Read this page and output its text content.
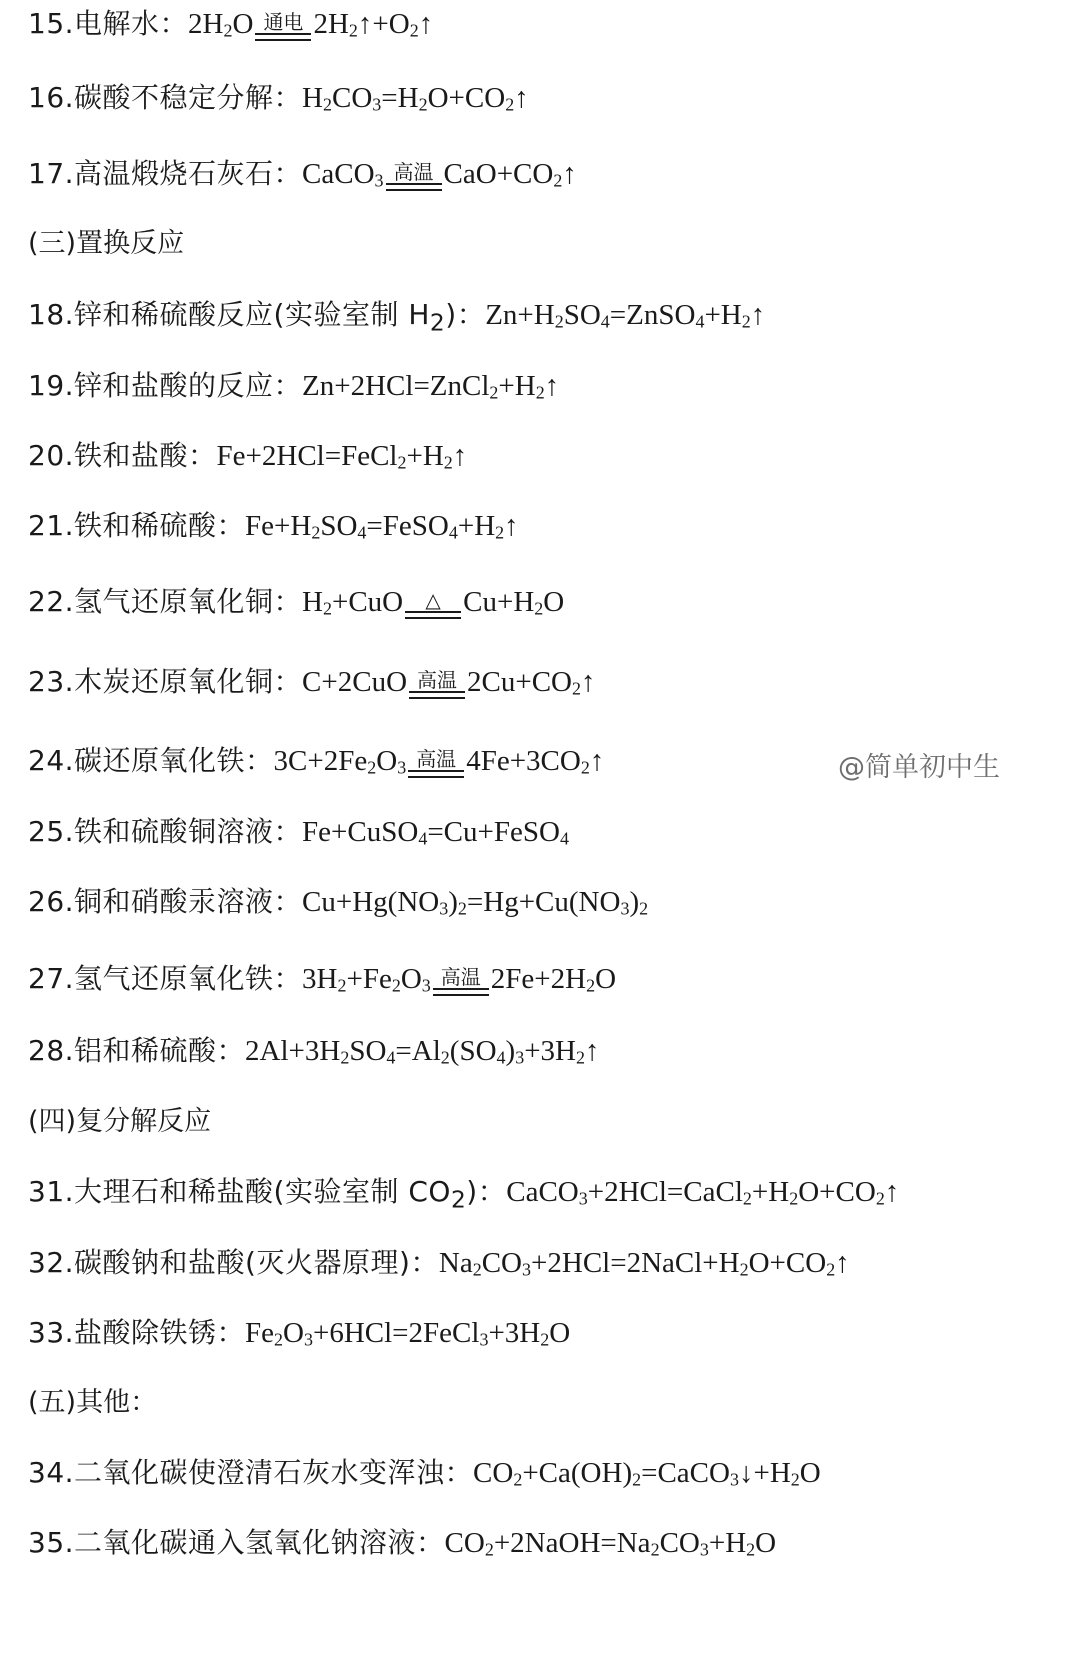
15.电解水： $2H_2O$ 通电 $2H_2↑+O_2↑$
16.碳酸不稳定分解： $H_2CO_3=H_2O+CO_2↑$
17.高温煅烧石灰石： CaCO$_3$ 高温 $CaO+CO_2↑$
(三)置换反应
18.锌和稀硫酸反应(实验室制 $H_2$)： $Zn+H_2SO_4=ZnSO_4+H_2↑$
19.锌和盐酸的反应： $Zn+2HCl=ZnCl_2+H_2↑$
20.铁和盐酸： $Fe+2HCl=FeCl_2+H_2↑$
21.铁和稀硫酸： $Fe+H_2SO_4=FeSO_4+H_2↑$
22.氢气还原氧化铜： $H_2+CuO$ △ $Cu+H_2O$
23.木炭还原氧化铜： C+2CuO 高温 $2Cu+CO_2↑$
24.碳还原氧化铁： $3C+2Fe_2O_3$ 高温 $4Fe+3CO_2↑$
25.铁和硫酸铜溶液： Fe+CuSO$_4$=Cu+FeSO$_4$
26.铜和硝酸汞溶液： $Cu+Hg(NO_3)_2=Hg+Cu(NO_3)_2$
27.氢气还原氧化铁： $3H_2+Fe_2O_3$ 高温 $2Fe+2H_2O$
28.铝和稀硫酸： $2Al+3H_2SO_4=Al_2(SO_4)_3+3H_2↑$
(四)复分解反应
31.大理石和稀盐酸(实验室制 $CO_2$)： $CaCO_3+2HCl=CaCl_2+H_2O+CO_2↑$
32.碳酸钠和盐酸(灭火器原理)： $Na_2CO_3+2HCl=2NaCl+H_2O+CO_2↑$
33.盐酸除铁锈： $Fe_2O_3+6HCl=2FeCl_3+3H_2O$
(五)其他：
34.二氧化碳使澄清石灰水变浑浊： $CO_2+Ca(OH)_2=CaCO_3↓+H_2O$
35.二氧化碳通入氢氧化钠溶液： $CO_2+2NaOH=Na_2CO_3+H_2O$
@简单初中生
